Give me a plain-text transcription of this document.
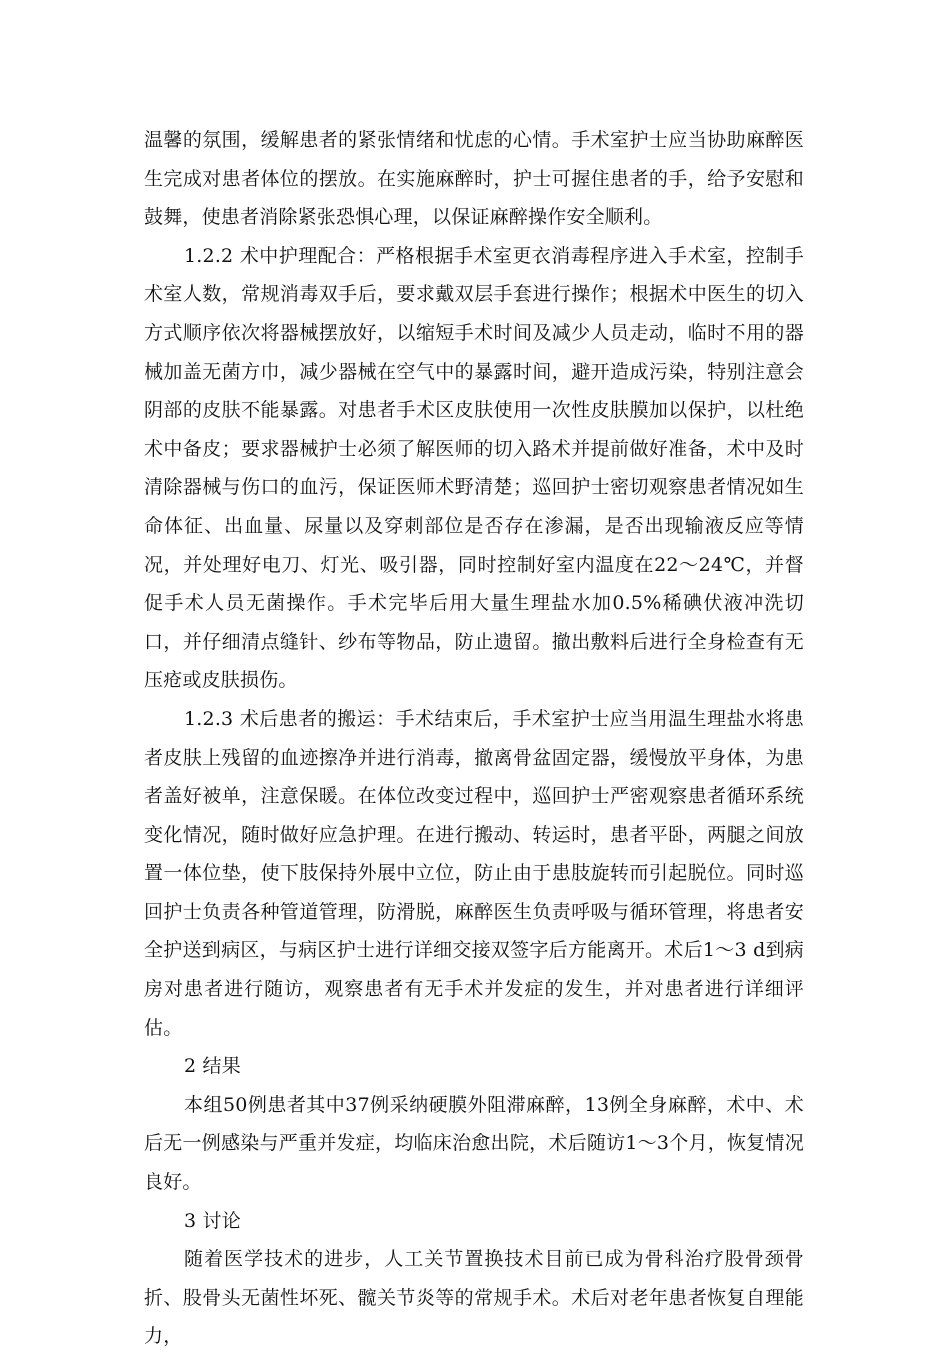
温馨的氛围，缓解患者的紧张情绪和忧虑的心情。手术室护士应当协助麻醉医生完成对患者体位的摆放。在实施麻醉时，护士可握住患者的手，给予安慰和鼓舞，使患者消除紧张恐惧心理，以保证麻醉操作安全顺利。

1.2.2 术中护理配合：严格根据手术室更衣消毒程序进入手术室，控制手术室人数，常规消毒双手后，要求戴双层手套进行操作；根据术中医生的切入方式顺序依次将器械摆放好，以缩短手术时间及减少人员走动，临时不用的器械加盖无菌方巾，减少器械在空气中的暴露时间，避开造成污染，特别注意会阴部的皮肤不能暴露。对患者手术区皮肤使用一次性皮肤膜加以保护，以杜绝术中备皮；要求器械护士必须了解医师的切入路术并提前做好准备，术中及时清除器械与伤口的血污，保证医师术野清楚；巡回护士密切观察患者情况如生命体征、出血量、尿量以及穿刺部位是否存在渗漏，是否出现输液反应等情况，并处理好电刀、灯光、吸引器，同时控制好室内温度在22～24℃，并督促手术人员无菌操作。手术完毕后用大量生理盐水加0.5%稀碘伏液冲洗切口，并仔细清点缝针、纱布等物品，防止遗留。撤出敷料后进行全身检查有无压疮或皮肤损伤。

1.2.3 术后患者的搬运：手术结束后，手术室护士应当用温生理盐水将患者皮肤上残留的血迹擦净并进行消毒，撤离骨盆固定器，缓慢放平身体，为患者盖好被单，注意保暖。在体位改变过程中，巡回护士严密观察患者循环系统变化情况，随时做好应急护理。在进行搬动、转运时，患者平卧，两腿之间放置一体位垫，使下肢保持外展中立位，防止由于患肢旋转而引起脱位。同时巡回护士负责各种管道管理，防滑脱，麻醉医生负责呼吸与循环管理，将患者安全护送到病区，与病区护士进行详细交接双签字后方能离开。术后1～3 d到病房对患者进行随访，观察患者有无手术并发症的发生，并对患者进行详细评估。

2 结果

本组50例患者其中37例采纳硬膜外阻滞麻醉，13例全身麻醉，术中、术后无一例感染与严重并发症，均临床治愈出院，术后随访1～3个月，恢复情况良好。

3 讨论

随着医学技术的进步，人工关节置换技术目前已成为骨科治疗股骨颈骨折、股骨头无菌性坏死、髋关节炎等的常规手术。术后对老年患者恢复自理能力，
